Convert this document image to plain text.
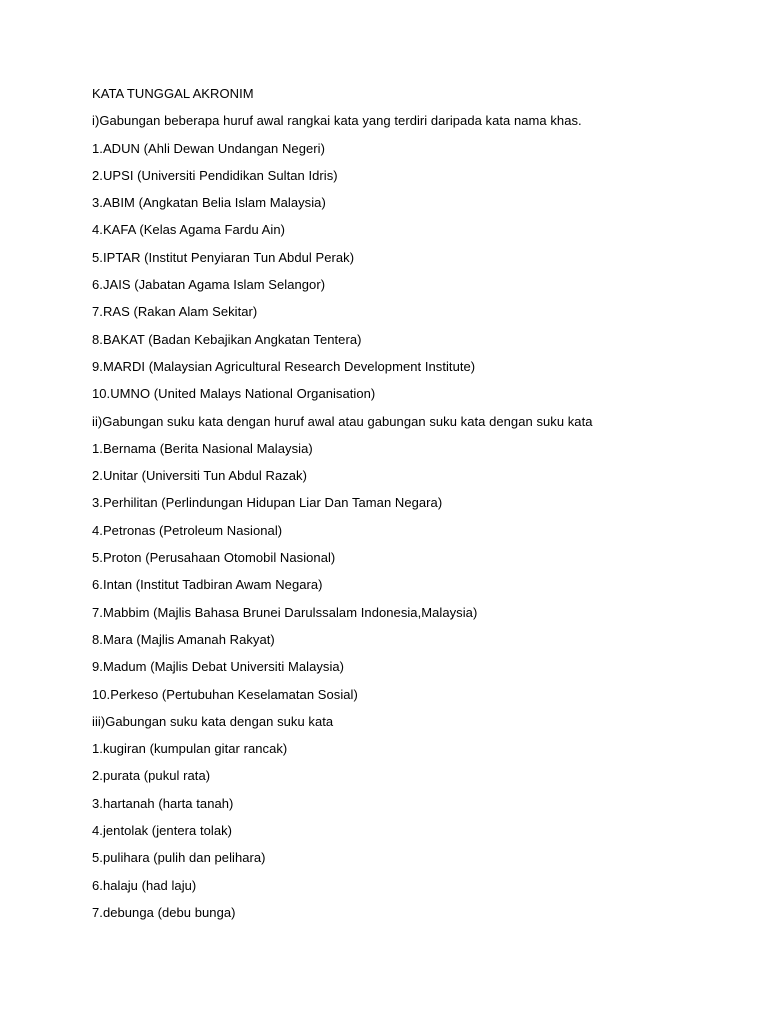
KATA TUNGGAL AKRONIM
i)Gabungan beberapa huruf awal rangkai kata yang terdiri daripada kata nama khas.
1.ADUN (Ahli Dewan Undangan Negeri)
2.UPSI (Universiti Pendidikan Sultan Idris)
3.ABIM (Angkatan Belia Islam Malaysia)
4.KAFA (Kelas Agama Fardu Ain)
5.IPTAR (Institut Penyiaran Tun Abdul Perak)
6.JAIS (Jabatan Agama Islam Selangor)
7.RAS (Rakan Alam Sekitar)
8.BAKAT (Badan Kebajikan Angkatan Tentera)
9.MARDI (Malaysian Agricultural Research Development Institute)
10.UMNO (United Malays National Organisation)
ii)Gabungan suku kata dengan huruf awal atau gabungan suku kata dengan suku kata
1.Bernama (Berita Nasional Malaysia)
2.Unitar (Universiti Tun Abdul Razak)
3.Perhilitan (Perlindungan Hidupan Liar Dan Taman Negara)
4.Petronas (Petroleum Nasional)
5.Proton (Perusahaan Otomobil Nasional)
6.Intan (Institut Tadbiran Awam Negara)
7.Mabbim (Majlis Bahasa Brunei Darulssalam Indonesia,Malaysia)
8.Mara (Majlis Amanah Rakyat)
9.Madum (Majlis Debat Universiti Malaysia)
10.Perkeso (Pertubuhan Keselamatan Sosial)
iii)Gabungan suku kata dengan suku kata
1.kugiran (kumpulan gitar rancak)
2.purata (pukul rata)
3.hartanah (harta tanah)
4.jentolak (jentera tolak)
5.pulihara (pulih dan pelihara)
6.halaju (had laju)
7.debunga (debu bunga)
